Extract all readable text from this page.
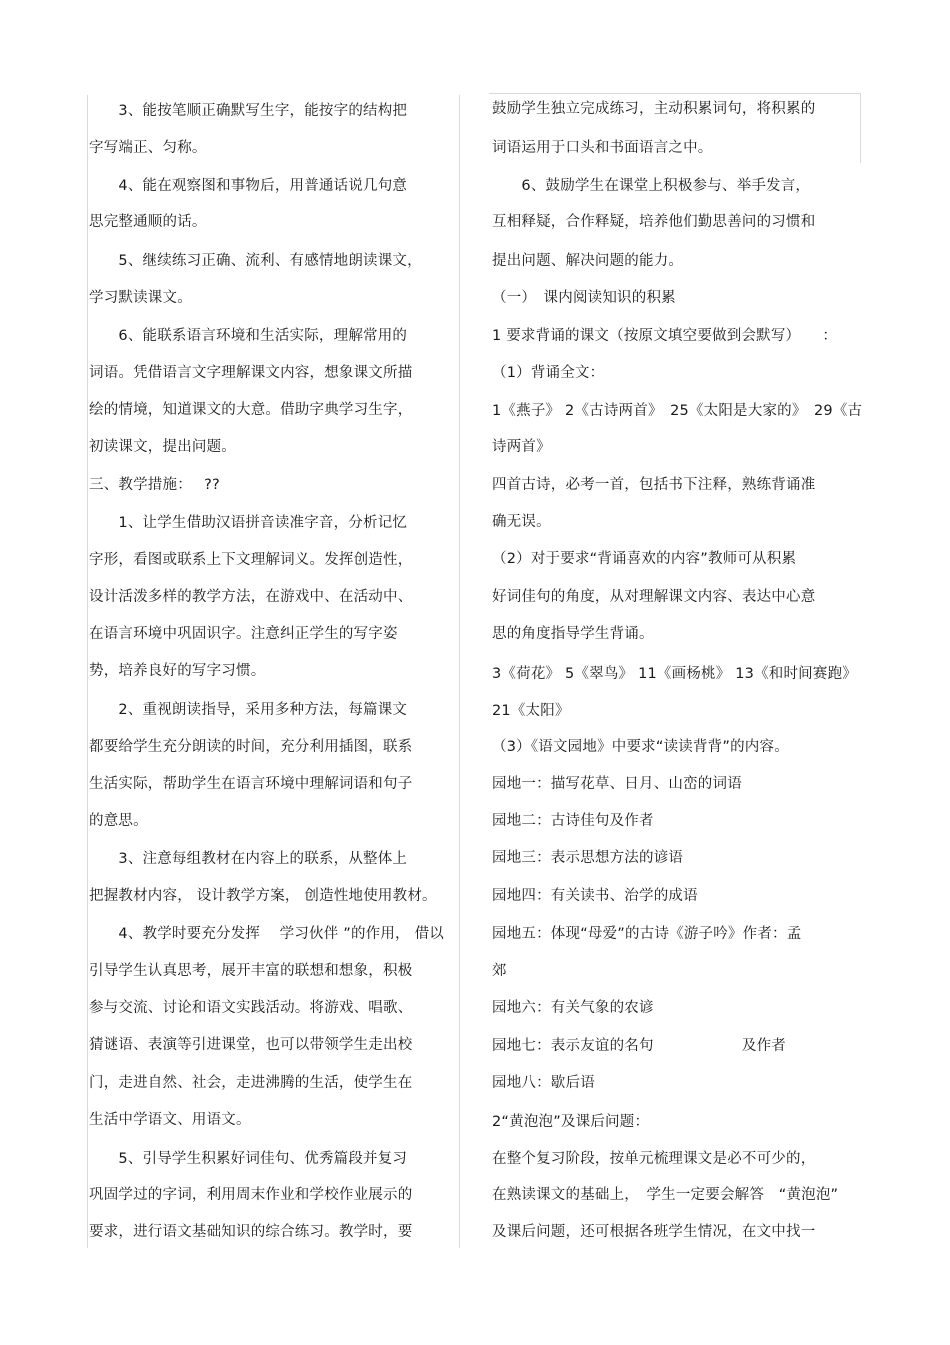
　　3、能按笔顺正确默写生字，能按字的结构把
字写端正、匀称。
　　4、能在观察图和事物后，用普通话说几句意
思完整通顺的话。
　　5、继续练习正确、流利、有感情地朗读课文，
学习默读课文。
　　6、能联系语言环境和生活实际，理解常用的
词语。凭借语言文字理解课文内容，想象课文所描
绘的情境，知道课文的大意。借助字典学习生字，
初读课文，提出问题。
三、教学措施：　 ??
　　1、让学生借助汉语拼音读准字音，分析记忆
字形，看图或联系上下文理解词义。发挥创造性，
设计活泼多样的教学方法，在游戏中、在活动中、
在语言环境中巩固识字。注意纠正学生的写字姿
势，培养良好的写字习惯。
　　2、重视朗读指导，采用多种方法，每篇课文
都要给学生充分朗读的时间，充分利用插图，联系
生活实际，帮助学生在语言环境中理解词语和句子
的意思。
　　3、注意每组教材在内容上的联系，从整体上
把握教材内容， 设计教学方案， 创造性地使用教材。
　　4、教学时要充分发挥　 学习伙伴 ”的作用， 借以
引导学生认真思考，展开丰富的联想和想象，积极
参与交流、讨论和语文实践活动。将游戏、唱歌、
猜谜语、表演等引进课堂，也可以带领学生走出校
门，走进自然、社会，走进沸腾的生活，使学生在
生活中学语文、用语文。
　　5、引导学生积累好词佳句、优秀篇段并复习
巩固学过的字词，利用周末作业和学校作业展示的
要求，进行语文基础知识的综合练习。教学时，要
鼓励学生独立完成练习，主动积累词句，将积累的
词语运用于口头和书面语言之中。
　　6、鼓励学生在课堂上积极参与、举手发言，
互相释疑，合作释疑，培养他们勤思善问的习惯和
提出问题、解决问题的能力。
（一）　课内阅读知识的积累
1 要求背诵的课文（按原文填空要做到会默写）　　：
（1）背诵全文：
1《燕子》 2《古诗两首》　25《太阳是大家的》　29《古
诗两首》
四首古诗，必考一首，包括书下注释，熟练背诵准
确无误。
（2）对于要求“背诵喜欢的内容”教师可从积累
好词佳句的角度，从对理解课文内容、表达中心意
思的角度指导学生背诵。
3《荷花》 5《翠鸟》 11《画杨桃》 13《和时间赛跑》
21《太阳》
（3）《语文园地》中要求“读读背背”的内容。
园地一：描写花草、日月、山峦的词语
园地二：古诗佳句及作者
园地三：表示思想方法的谚语
园地四：有关读书、治学的成语
园地五：体现“母爱”的古诗《游子吟》作者：孟
郊
园地六：有关气象的农谚
园地七：表示友谊的名句　　　　　　及作者
园地八：歇后语
2“黄泡泡”及课后问题：
在整个复习阶段，按单元梳理课文是必不可少的，
在熟读课文的基础上，　学生一定要会解答　“黄泡泡”
及课后问题，还可根据各班学生情况，在文中找一
